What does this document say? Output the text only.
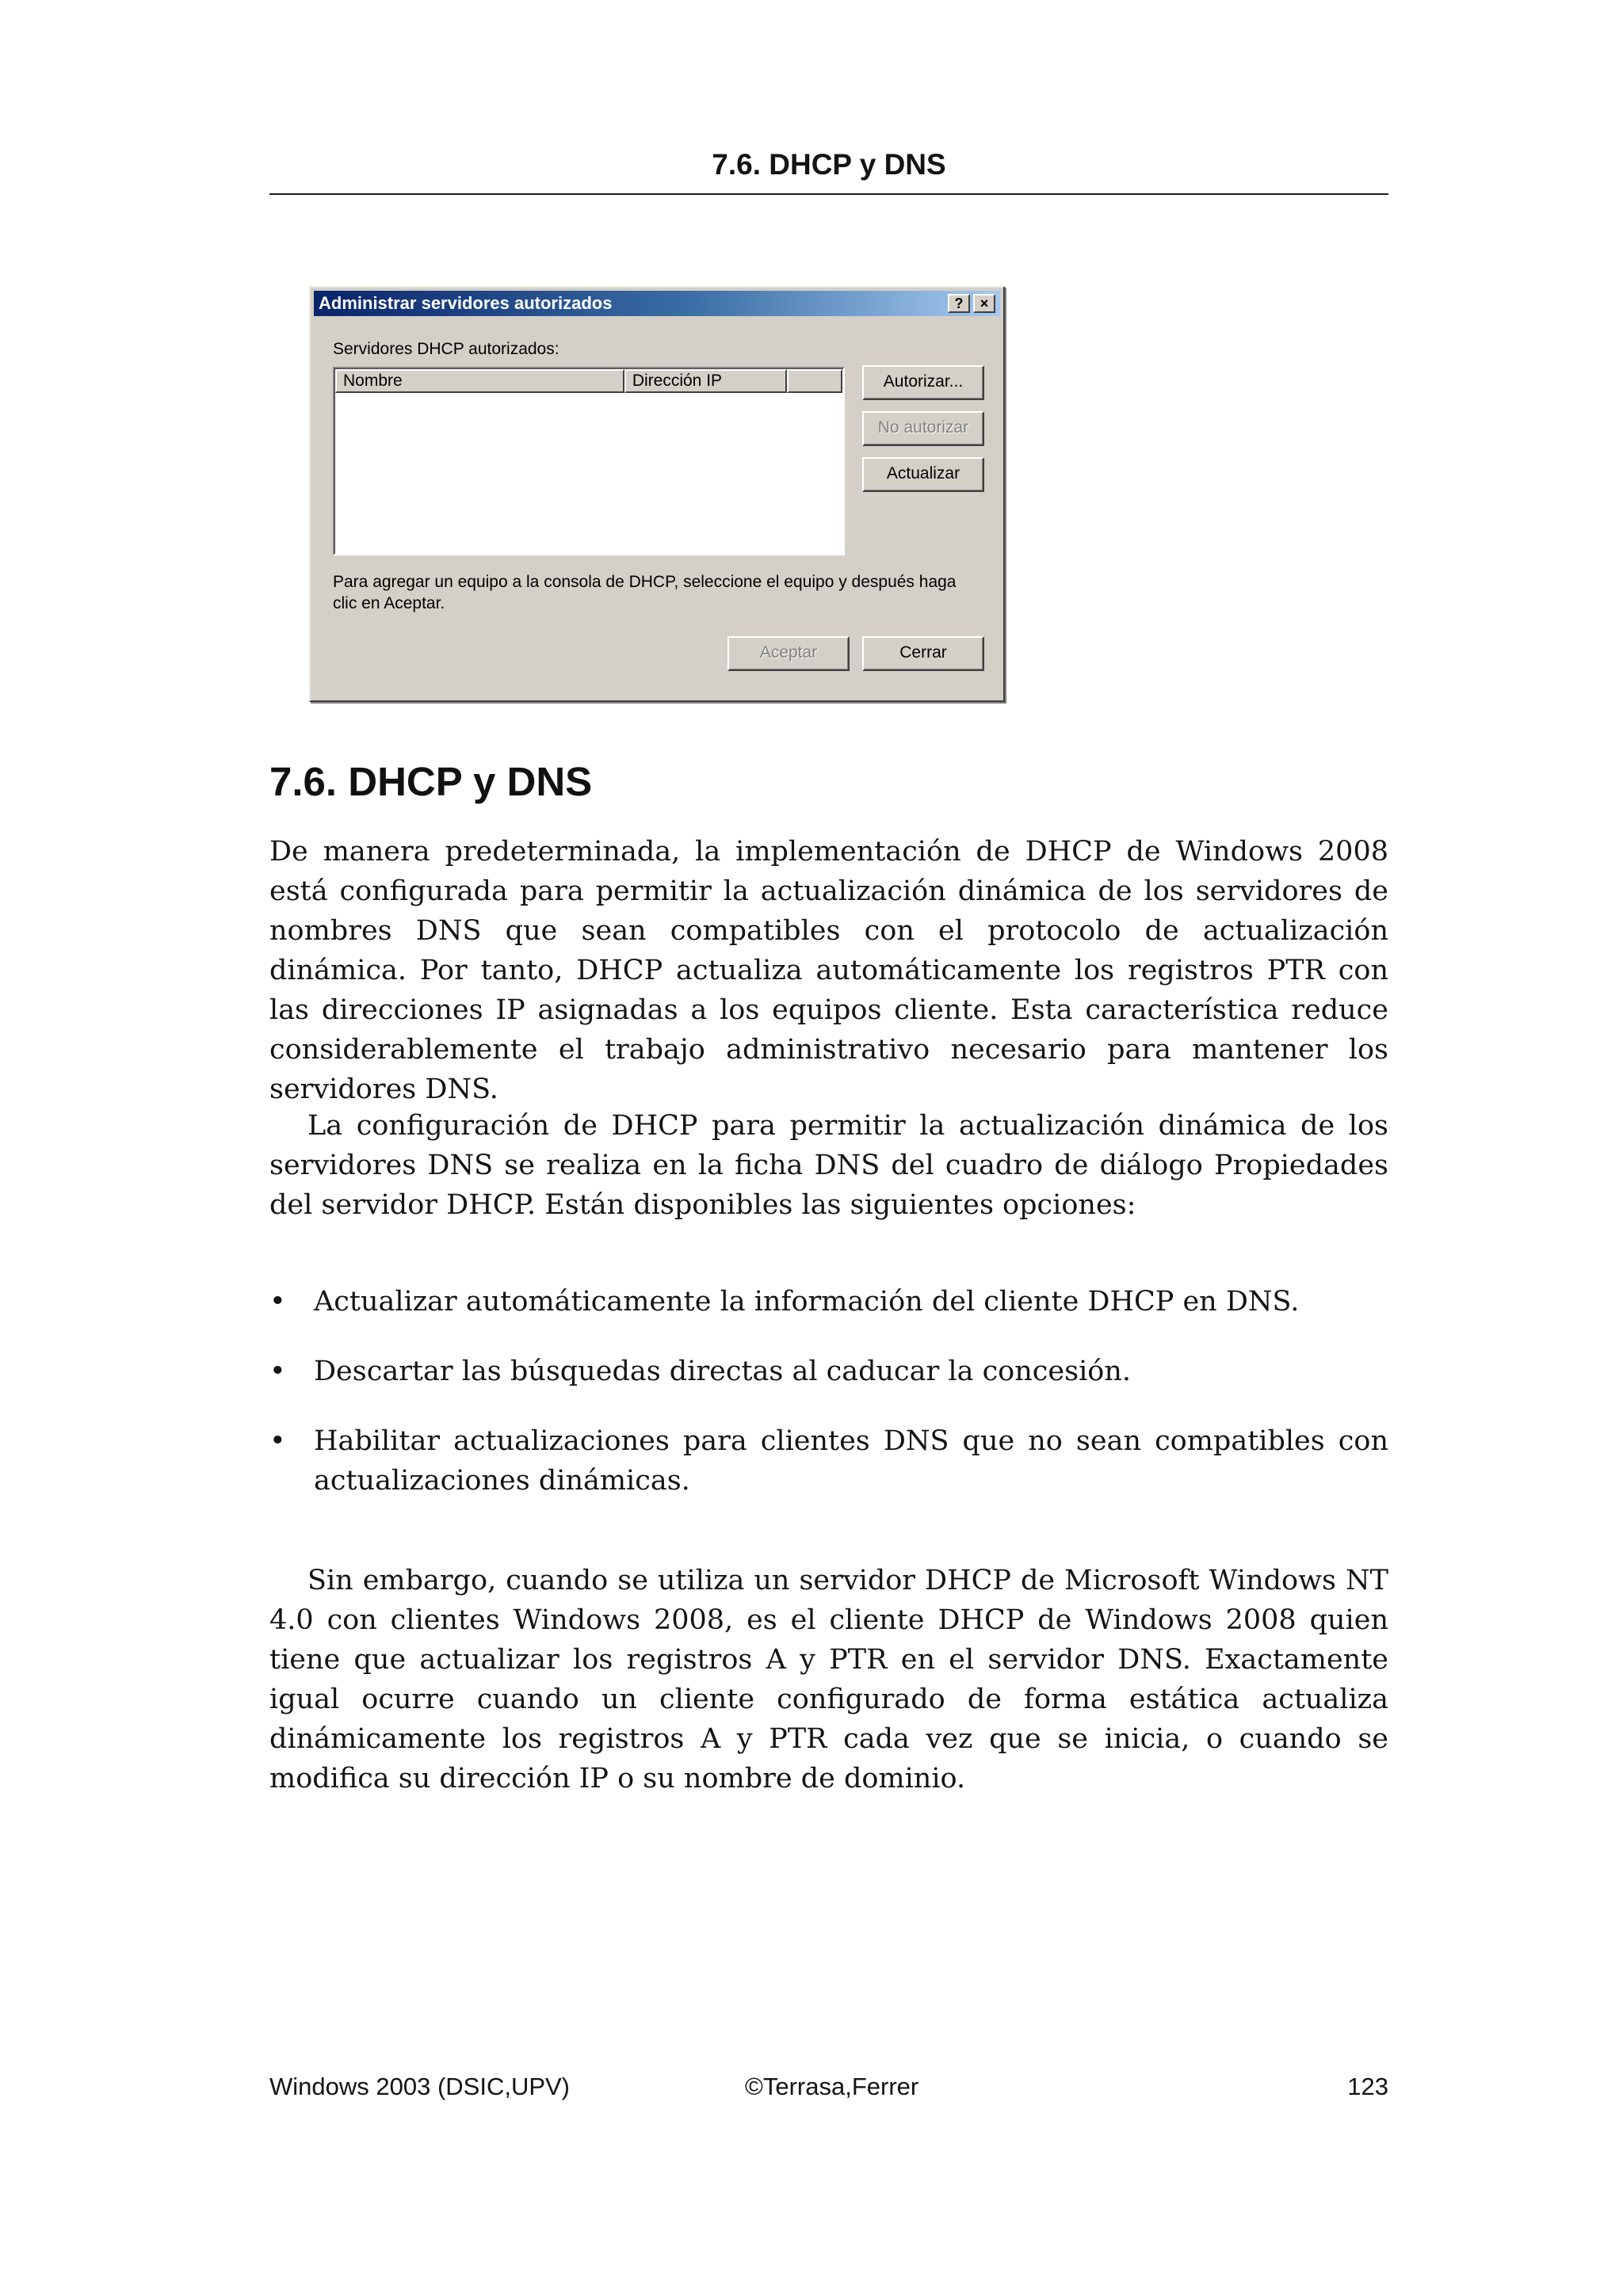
7.6. DHCP y DNS
Administrar servidores autorizados	?	×
Servidores DHCP autorizados:
Nombre	Dirección IP	Autorizar...
No autorizar
Actualizar
Para agregar un equipo a la consola de DHCP, seleccione el equipo y después haga clic en Aceptar.
Aceptar	Cerrar
7.6. DHCP y DNS

De manera predeterminada, la implementación de DHCP de Windows 2008 está configurada para permitir la actualización dinámica de los servidores de nombres DNS que sean compatibles con el protocolo de actualización dinámica. Por tanto, DHCP actualiza automáticamente los registros PTR con las direcciones IP asignadas a los equipos cliente. Esta característica reduce considerablemente el trabajo administrativo necesario para mantener los servidores DNS.

La configuración de DHCP para permitir la actualización dinámica de los servidores DNS se realiza en la ficha DNS del cuadro de diálogo Propiedades del servidor DHCP. Están disponibles las siguientes opciones:

• Actualizar automáticamente la información del cliente DHCP en DNS.
• Descartar las búsquedas directas al caducar la concesión.
• Habilitar actualizaciones para clientes DNS que no sean compatibles con actualizaciones dinámicas.

Sin embargo, cuando se utiliza un servidor DHCP de Microsoft Windows NT 4.0 con clientes Windows 2008, es el cliente DHCP de Windows 2008 quien tiene que actualizar los registros A y PTR en el servidor DNS. Exactamente igual ocurre cuando un cliente configurado de forma estática actualiza dinámicamente los registros A y PTR cada vez que se inicia, o cuando se modifica su dirección IP o su nombre de dominio.

Windows 2003 (DSIC,UPV)	©Terrasa,Ferrer	123
